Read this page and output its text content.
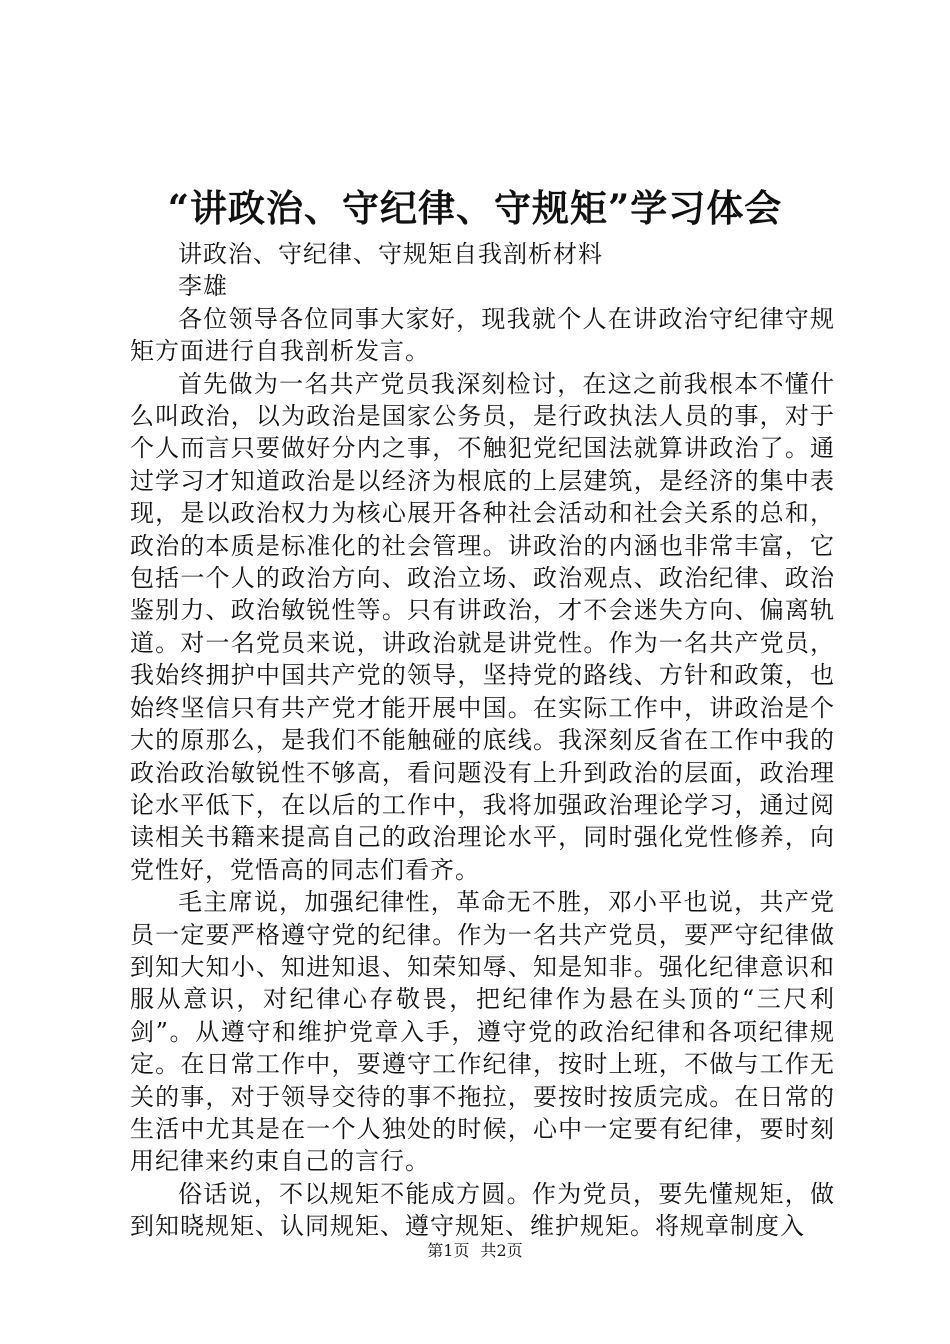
“讲政治、守纪律、守规矩”学习体会

讲政治、守纪律、守规矩自我剖析材料

李雄

各位领导各位同事大家好，现我就个人在讲政治守纪律守规矩方面进行自我剖析发言。

首先做为一名共产党员我深刻检讨，在这之前我根本不懂什么叫政治，以为政治是国家公务员，是行政执法人员的事，对于个人而言只要做好分内之事，不触犯党纪国法就算讲政治了。通过学习才知道政治是以经济为根底的上层建筑，是经济的集中表现，是以政治权力为核心展开各种社会活动和社会关系的总和，政治的本质是标准化的社会管理。讲政治的内涵也非常丰富，它包括一个人的政治方向、政治立场、政治观点、政治纪律、政治鉴别力、政治敏锐性等。只有讲政治，才不会迷失方向、偏离轨道。对一名党员来说，讲政治就是讲党性。作为一名共产党员，我始终拥护中国共产党的领导，坚持党的路线、方针和政策，也始终坚信只有共产党才能开展中国。在实际工作中，讲政治是个大的原那么，是我们不能触碰的底线。我深刻反省在工作中我的政治政治敏锐性不够高，看问题没有上升到政治的层面，政治理论水平低下，在以后的工作中，我将加强政治理论学习，通过阅读相关书籍来提高自己的政治理论水平，同时强化党性修养，向党性好，党悟高的同志们看齐。

毛主席说，加强纪律性，革命无不胜，邓小平也说，共产党员一定要严格遵守党的纪律。作为一名共产党员，要严守纪律做到知大知小、知进知退、知荣知辱、知是知非。强化纪律意识和服从意识，对纪律心存敬畏，把纪律作为悬在头顶的“三尺利剑”。从遵守和维护党章入手，遵守党的政治纪律和各项纪律规定。在日常工作中，要遵守工作纪律，按时上班，不做与工作无关的事，对于领导交待的事不拖拉，要按时按质完成。在日常的生活中尤其是在一个人独处的时候，心中一定要有纪律，要时刻用纪律来约束自己的言行。

俗话说，不以规矩不能成方圆。作为党员，要先懂规矩，做到知晓规矩、认同规矩、遵守规矩、维护规矩。将规章制度入

第1页 共2页
